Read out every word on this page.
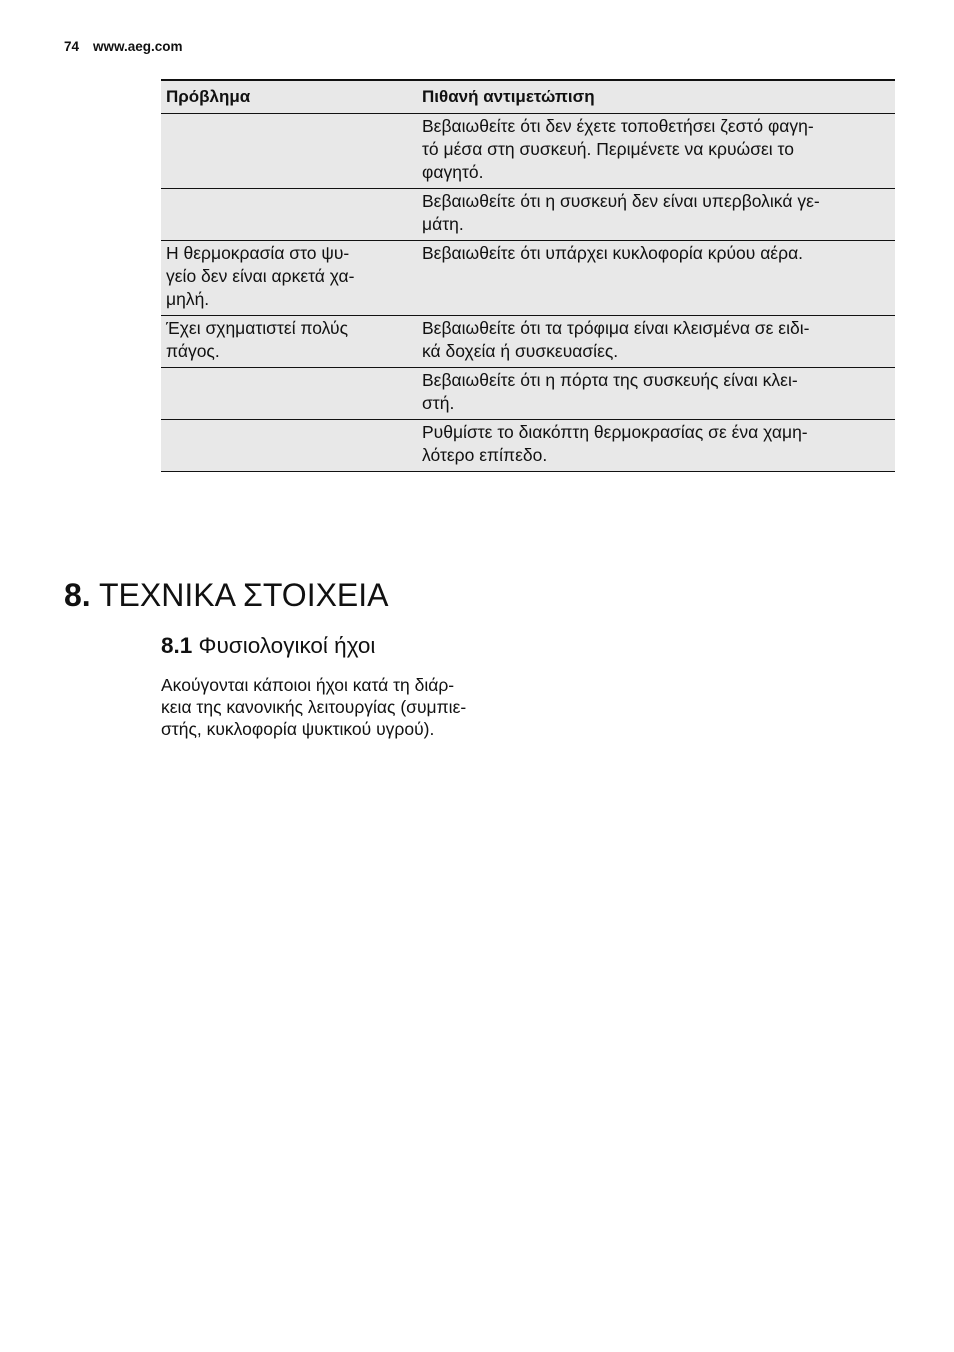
74 www.aeg.com
Πρόβλημα	Πιθανή αντιμετώπιση

	Βεβαιωθείτε ότι δεν έχετε τοποθετήσει ζεστό φαγη-
τό μέσα στη συσκευή. Περιμένετε να κρυώσει το
φαγητό.

	Βεβαιωθείτε ότι η συσκευή δεν είναι υπερβολικά γε-
μάτη.

Η θερμοκρασία στο ψυ-
γείο δεν είναι αρκετά χα-
μηλή.	Βεβαιωθείτε ότι υπάρχει κυκλοφορία κρύου αέρα.

Έχει σχηματιστεί πολύς
πάγος.	Βεβαιωθείτε ότι τα τρόφιμα είναι κλεισμένα σε ειδι-
κά δοχεία ή συσκευασίες.

	Βεβαιωθείτε ότι η πόρτα της συσκευής είναι κλει-
στή.

	Ρυθμίστε το διακόπτη θερμοκρασίας σε ένα χαμη-
λότερο επίπεδο.
8. ΤΕΧΝΙΚΑ ΣΤΟΙΧΕΙΑ
8.1 Φυσιολογικοί ήχοι

Ακούγονται κάποιοι ήχοι κατά τη διάρ-
κεια της κανονικής λειτουργίας (συμπιε-
στής, κυκλοφορία ψυκτικού υγρού).
